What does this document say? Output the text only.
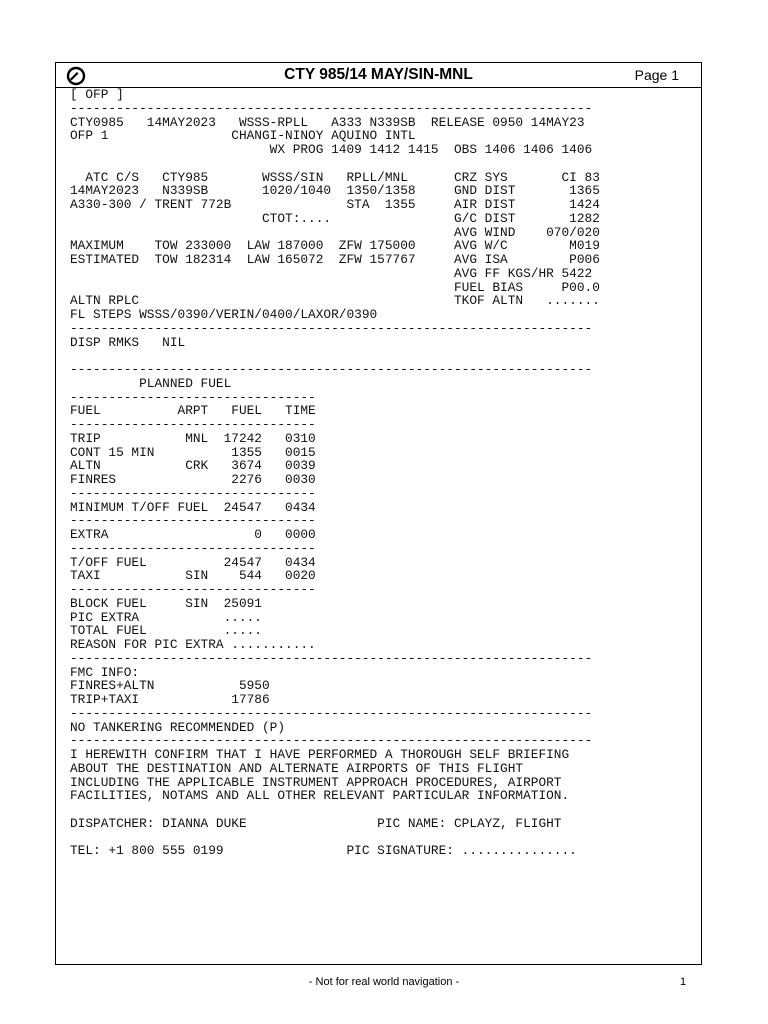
CTY 985/14 MAY/SIN-MNL	Page 1
[ OFP ]
--------------------------------------------------------------------
CTY0985   14MAY2023   WSSS-RPLL   A333 N339SB  RELEASE 0950 14MAY23
OFP 1                CHANGI-NINOY AQUINO INTL
WX PROG 1409 1412 1415  OBS 1406 1406 1406

ATC C/S   CTY985       WSSS/SIN   RPLL/MNL      CRZ SYS       CI 83
14MAY2023   N339SB       1020/1040  1350/1358     GND DIST       1365
A330-300 / TRENT 772B               STA  1355     AIR DIST       1424
CTOT:....                G/C DIST       1282
AVG WIND    070/020
MAXIMUM    TOW 233000  LAW 187000  ZFW 175000     AVG W/C        M019
ESTIMATED  TOW 182314  LAW 165072  ZFW 157767     AVG ISA        P006
AVG FF KGS/HR 5422
FUEL BIAS     P00.0
ALTN RPLC                                         TKOF ALTN   .......
FL STEPS WSSS/0390/VERIN/0400/LAXOR/0390
--------------------------------------------------------------------
DISP RMKS   NIL

--------------------------------------------------------------------
PLANNED FUEL
--------------------------------
FUEL          ARPT   FUEL   TIME
--------------------------------
TRIP           MNL  17242   0310
CONT 15 MIN          1355   0015
ALTN           CRK   3674   0039
FINRES               2276   0030
--------------------------------
MINIMUM T/OFF FUEL  24547   0434
--------------------------------
EXTRA                   0   0000
--------------------------------
T/OFF FUEL          24547   0434
TAXI           SIN    544   0020
--------------------------------
BLOCK FUEL     SIN  25091
PIC EXTRA           .....
TOTAL FUEL          .....
REASON FOR PIC EXTRA ...........
--------------------------------------------------------------------
FMC INFO:
FINRES+ALTN           5950
TRIP+TAXI            17786
--------------------------------------------------------------------
NO TANKERING RECOMMENDED (P)
--------------------------------------------------------------------
I HEREWITH CONFIRM THAT I HAVE PERFORMED A THOROUGH SELF BRIEFING
ABOUT THE DESTINATION AND ALTERNATE AIRPORTS OF THIS FLIGHT
INCLUDING THE APPLICABLE INSTRUMENT APPROACH PROCEDURES, AIRPORT
FACILITIES, NOTAMS AND ALL OTHER RELEVANT PARTICULAR INFORMATION.

DISPATCHER: DIANNA DUKE                 PIC NAME: CPLAYZ, FLIGHT

TEL: +1 800 555 0199                PIC SIGNATURE: ...............

- Not for real world navigation -	1
